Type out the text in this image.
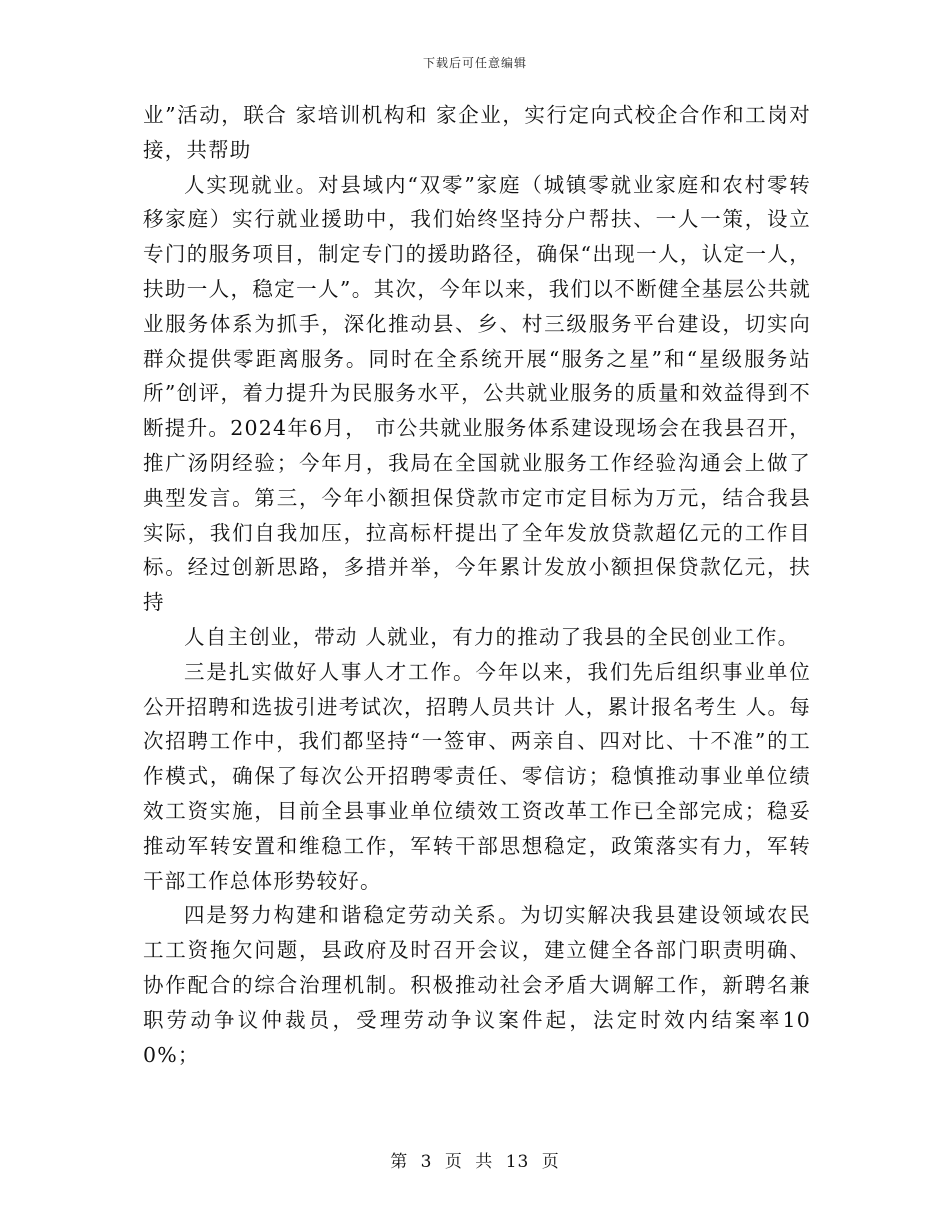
下载后可任意编辑

业”活动，联合 家培训机构和 家企业，实行定向式校企合作和工岗对接，共帮助

人实现就业。对县域内“双零”家庭（城镇零就业家庭和农村零转移家庭）实行就业援助中，我们始终坚持分户帮扶、一人一策，设立专门的服务项目，制定专门的援助路径，确保“出现一人，认定一人，扶助一人，稳定一人”。其次，今年以来，我们以不断健全基层公共就业服务体系为抓手，深化推动县、乡、村三级服务平台建设，切实向群众提供零距离服务。同时在全系统开展“服务之星”和“星级服务站所”创评，着力提升为民服务水平，公共就业服务的质量和效益得到不断提升。2024年6月， 市公共就业服务体系建设现场会在我县召开，推广汤阴经验；今年月，我局在全国就业服务工作经验沟通会上做了典型发言。第三，今年小额担保贷款市定市定目标为万元，结合我县实际，我们自我加压，拉高标杆提出了全年发放贷款超亿元的工作目标。经过创新思路，多措并举，今年累计发放小额担保贷款亿元，扶持

人自主创业，带动 人就业，有力的推动了我县的全民创业工作。

三是扎实做好人事人才工作。今年以来，我们先后组织事业单位公开招聘和选拔引进考试次，招聘人员共计 人，累计报名考生 人。每次招聘工作中，我们都坚持“一签审、两亲自、四对比、十不准”的工作模式，确保了每次公开招聘零责任、零信访；稳慎推动事业单位绩效工资实施，目前全县事业单位绩效工资改革工作已全部完成；稳妥推动军转安置和维稳工作，军转干部思想稳定，政策落实有力，军转干部工作总体形势较好。

四是努力构建和谐稳定劳动关系。为切实解决我县建设领域农民工工资拖欠问题，县政府及时召开会议，建立健全各部门职责明确、协作配合的综合治理机制。积极推动社会矛盾大调解工作，新聘名兼职劳动争议仲裁员，受理劳动争议案件起，法定时效内结案率100%；

第 3 页 共 13 页
